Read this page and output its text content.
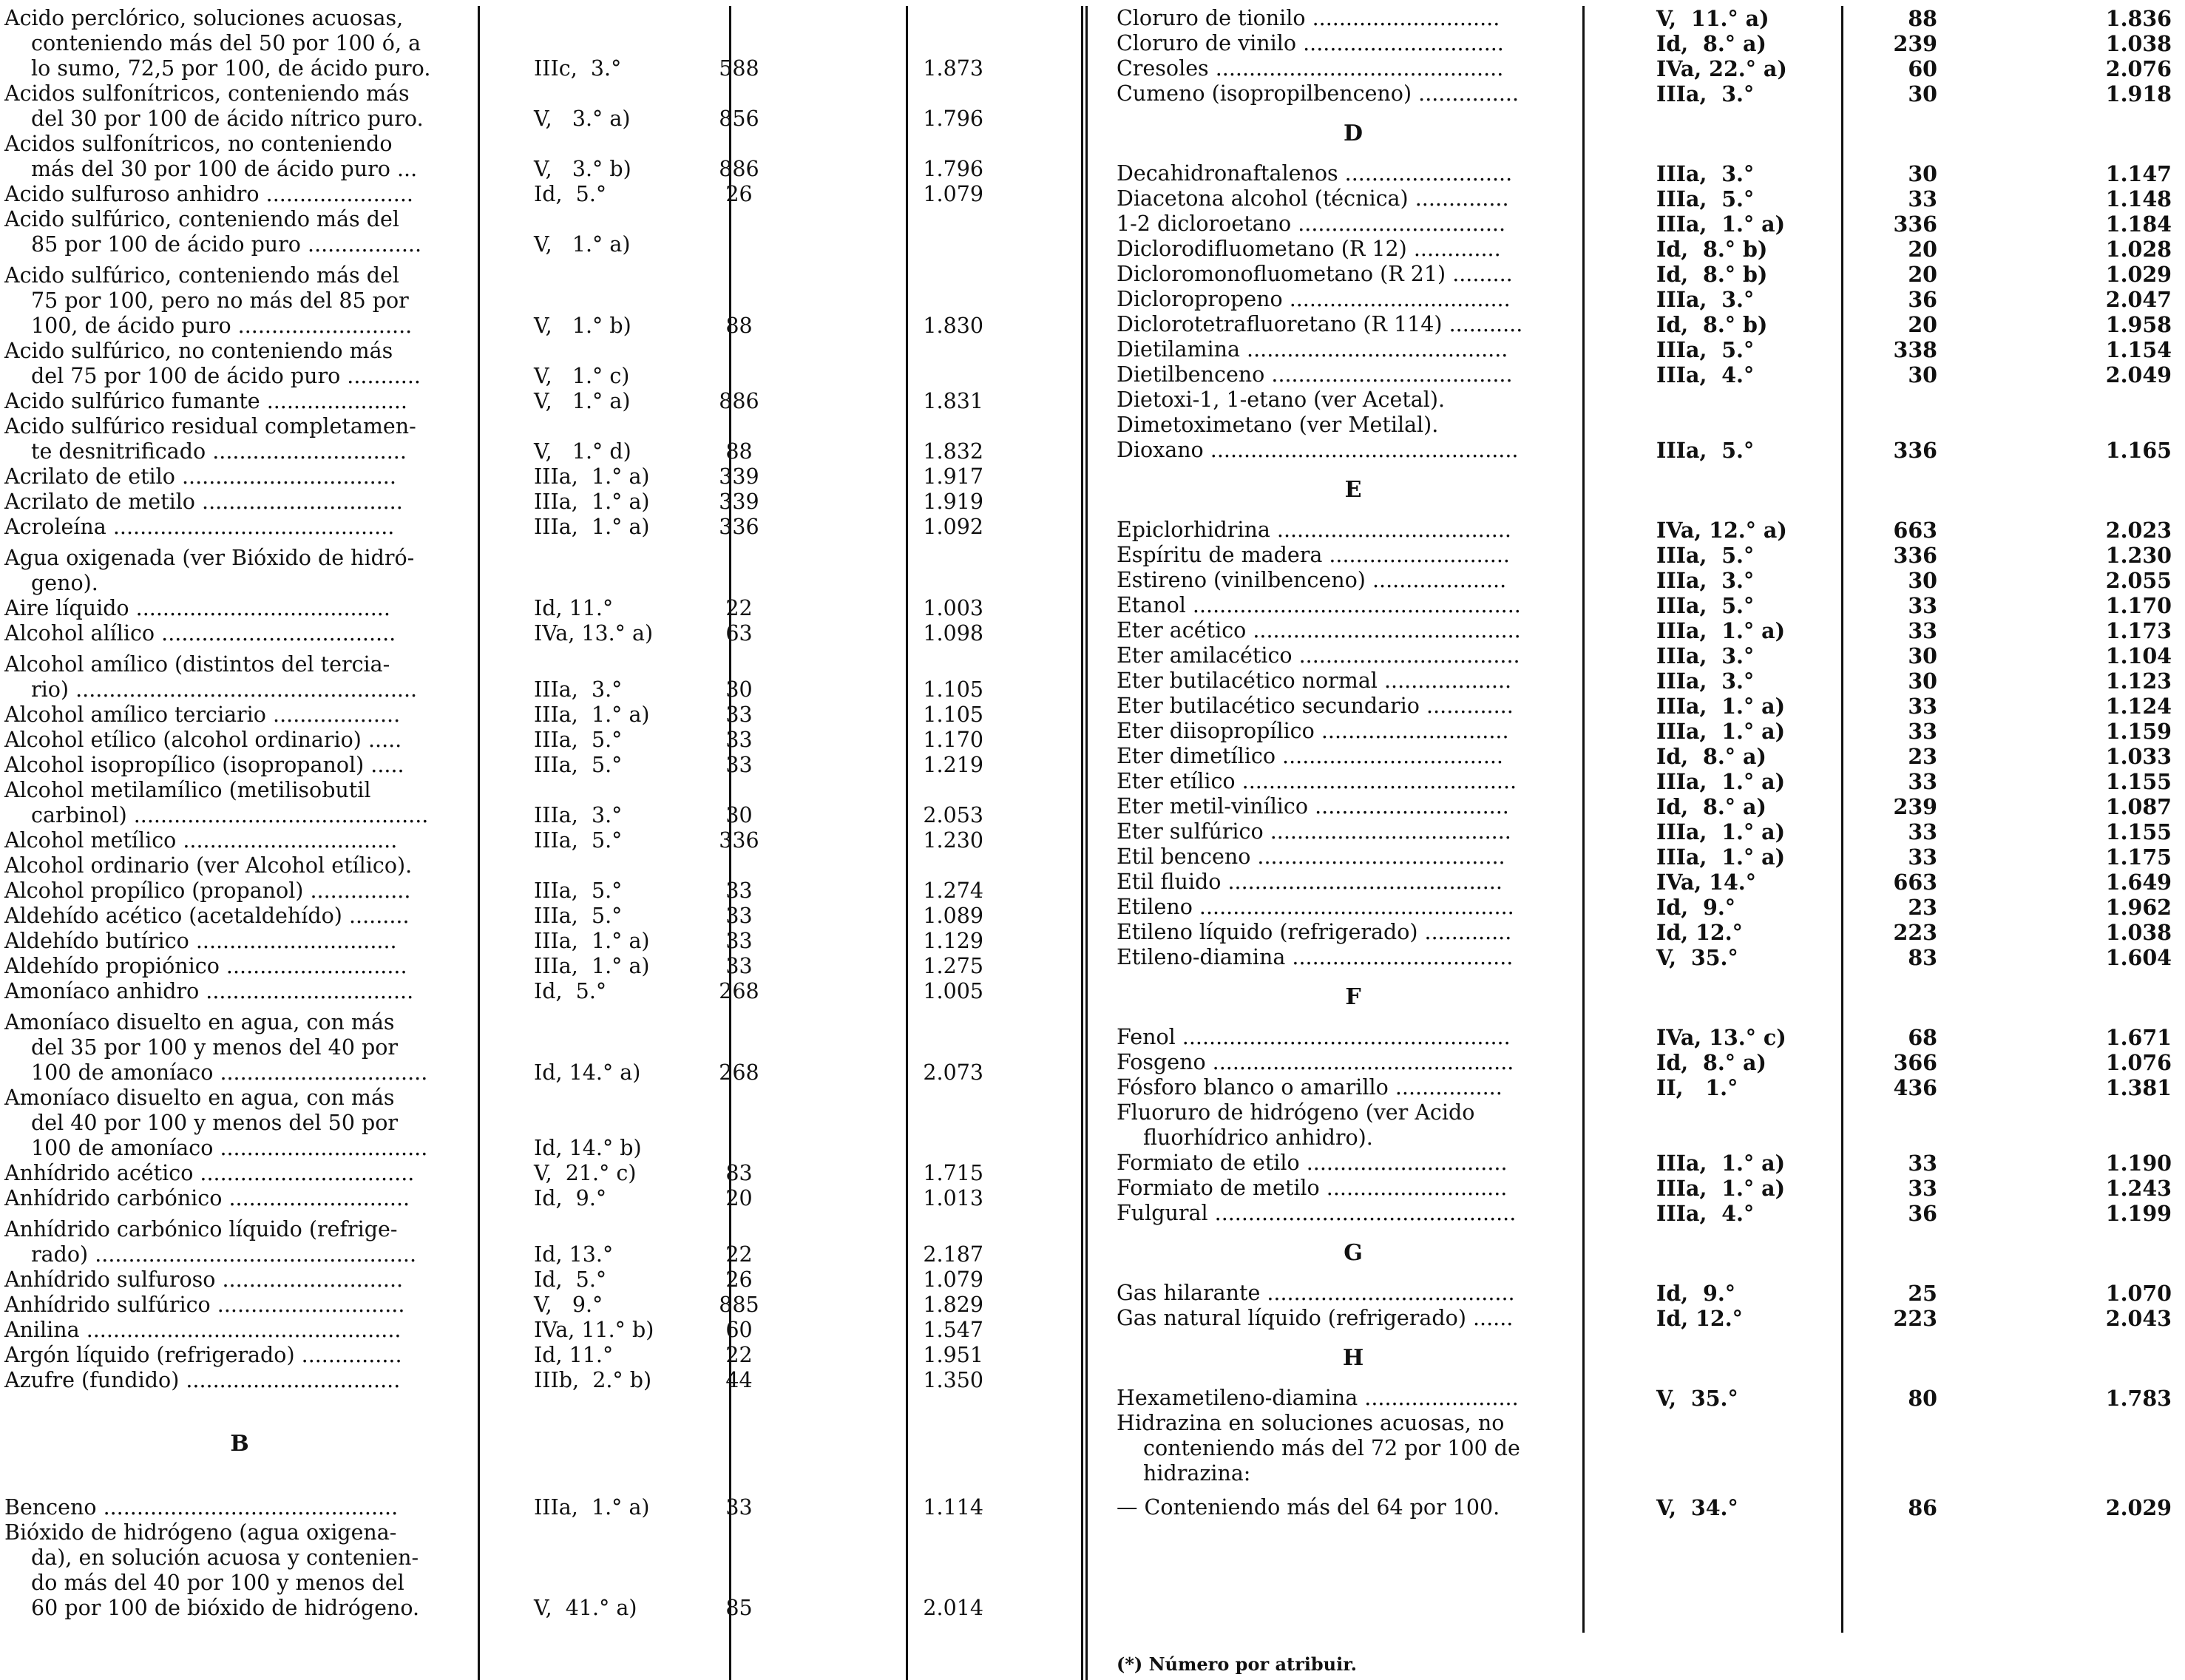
Acido perclórico, soluciones acuosas,
conteniendo más del 50 por 100 ó, a
lo sumo, 72,5 por 100, de ácido puro.	IIIc,  3.°	588	1.873
Acidos sulfonítricos, conteniendo más
del 30 por 100 de ácido nítrico puro.	V,   3.° a)	856	1.796
Acidos sulfonítricos, no conteniendo
más del 30 por 100 de ácido puro ...	V,   3.° b)	886	1.796
Acido sulfuroso anhidro ......................	Id,  5.°	26	1.079
Acido sulfúrico, conteniendo más del
85 por 100 de ácido puro .................	V,   1.° a)
Acido sulfúrico, conteniendo más del
75 por 100, pero no más del 85 por
100, de ácido puro ..........................	V,   1.° b)	88	1.830
Acido sulfúrico, no conteniendo más
del 75 por 100 de ácido puro ...........	V,   1.° c)
Acido sulfúrico fumante .....................	V,   1.° a)	886	1.831
Acido sulfúrico residual completamen-
te desnitrificado .............................	V,   1.° d)	88	1.832
Acrilato de etilo ................................	IIIa,  1.° a)	339	1.917
Acrilato de metilo ..............................	IIIa,  1.° a)	339	1.919
Acroleína ..........................................	IIIa,  1.° a)	336	1.092
Agua oxigenada (ver Bióxido de hidró-
geno).
Aire líquido ......................................	Id, 11.°	22	1.003
Alcohol alílico ...................................	IVa, 13.° a)	63	1.098
Alcohol amílico (distintos del tercia-
rio) ...................................................	IIIa,  3.°	30	1.105
Alcohol amílico terciario ...................	IIIa,  1.° a)	33	1.105
Alcohol etílico (alcohol ordinario) .....	IIIa,  5.°	33	1.170
Alcohol isopropílico (isopropanol) .....	IIIa,  5.°	33	1.219
Alcohol metilamílico (metilisobutil
carbinol) ............................................	IIIa,  3.°	30	2.053
Alcohol metílico ................................	IIIa,  5.°	336	1.230
Alcohol ordinario (ver Alcohol etílico).
Alcohol propílico (propanol) ...............	IIIa,  5.°	33	1.274
Aldehído acético (acetaldehído) .........	IIIa,  5.°	33	1.089
Aldehído butírico ..............................	IIIa,  1.° a)	33	1.129
Aldehído propiónico ...........................	IIIa,  1.° a)	33	1.275
Amoníaco anhidro ...............................	Id,  5.°	268	1.005
Amoníaco disuelto en agua, con más
del 35 por 100 y menos del 40 por
100 de amoníaco ...............................	Id, 14.° a)	268	2.073
Amoníaco disuelto en agua, con más
del 40 por 100 y menos del 50 por
100 de amoníaco ...............................	Id, 14.° b)
Anhídrido acético ................................	V,  21.° c)	83	1.715
Anhídrido carbónico ...........................	Id,  9.°	20	1.013
Anhídrido carbónico líquido (refrige-
rado) ................................................	Id, 13.°	22	2.187
Anhídrido sulfuroso ...........................	Id,  5.°	26	1.079
Anhídrido sulfúrico ............................	V,   9.°	885	1.829
Anilina ...............................................	IVa, 11.° b)	60	1.547
Argón líquido (refrigerado) ...............	Id, 11.°	22	1.951
Azufre (fundido) ................................	IIIb,  2.° b)	44	1.350
B
Benceno ............................................	IIIa,  1.° a)	33	1.114
Bióxido de hidrógeno (agua oxigena-
da), en solución acuosa y contenien-
do más del 40 por 100 y menos del
60 por 100 de bióxido de hidrógeno.	V,  41.° a)	85	2.014
Cloruro de tionilo ............................	V,  11.° a)	88	1.836
Cloruro de vinilo ..............................	Id,  8.° a)	239	1.038
Cresoles ...........................................	IVa, 22.° a)	60	2.076
Cumeno (isopropilbenceno) ...............	IIIa,  3.°	30	1.918
D
Decahidronaftalenos .........................	IIIa,  3.°	30	1.147
Diacetona alcohol (técnica) ..............	IIIa,  5.°	33	1.148
1-2 dicloroetano ...............................	IIIa,  1.° a)	336	1.184
Diclorodifluometano (R 12) .............	Id,  8.° b)	20	1.028
Dicloromonofluometano (R 21) .........	Id,  8.° b)	20	1.029
Dicloropropeno .................................	IIIa,  3.°	36	2.047
Diclorotetrafluoretano (R 114) ...........	Id,  8.° b)	20	1.958
Dietilamina .......................................	IIIa,  5.°	338	1.154
Dietilbenceno ....................................	IIIa,  4.°	30	2.049
Dietoxi-1, 1-etano (ver Acetal).
Dimetoximetano (ver Metilal).
Dioxano ..............................................	IIIa,  5.°	336	1.165
E
Epiclorhidrina ...................................	IVa, 12.° a)	663	2.023
Espíritu de madera ...........................	IIIa,  5.°	336	1.230
Estireno (vinilbenceno) ....................	IIIa,  3.°	30	2.055
Etanol .................................................	IIIa,  5.°	33	1.170
Eter acético ........................................	IIIa,  1.° a)	33	1.173
Eter amilacético .................................	IIIa,  3.°	30	1.104
Eter butilacético normal ...................	IIIa,  3.°	30	1.123
Eter butilacético secundario .............	IIIa,  1.° a)	33	1.124
Eter diisopropílico ............................	IIIa,  1.° a)	33	1.159
Eter dimetílico .................................	Id,  8.° a)	23	1.033
Eter etílico .........................................	IIIa,  1.° a)	33	1.155
Eter metil-vinílico .............................	Id,  8.° a)	239	1.087
Eter sulfúrico ....................................	IIIa,  1.° a)	33	1.155
Etil benceno .....................................	IIIa,  1.° a)	33	1.175
Etil fluido .........................................	IVa, 14.°	663	1.649
Etileno ...............................................	Id,  9.°	23	1.962
Etileno líquido (refrigerado) .............	Id, 12.°	223	1.038
Etileno-diamina .................................	V,  35.°	83	1.604
F
Fenol .................................................	IVa, 13.° c)	68	1.671
Fosgeno .............................................	Id,  8.° a)	366	1.076
Fósforo blanco o amarillo ................	II,   1.°	436	1.381
Fluoruro de hidrógeno (ver Acido
fluorhídrico anhidro).
Formiato de etilo ..............................	IIIa,  1.° a)	33	1.190
Formiato de metilo ...........................	IIIa,  1.° a)	33	1.243
Fulgural .............................................	IIIa,  4.°	36	1.199
G
Gas hilarante .....................................	Id,  9.°	25	1.070
Gas natural líquido (refrigerado) ......	Id, 12.°	223	2.043
H
Hexametileno-diamina .......................	V,  35.°	80	1.783
Hidrazina en soluciones acuosas, no
conteniendo más del 72 por 100 de
hidrazina:
— Conteniendo más del 64 por 100.	V,  34.°	86	2.029
(*) Número por atribuir.
